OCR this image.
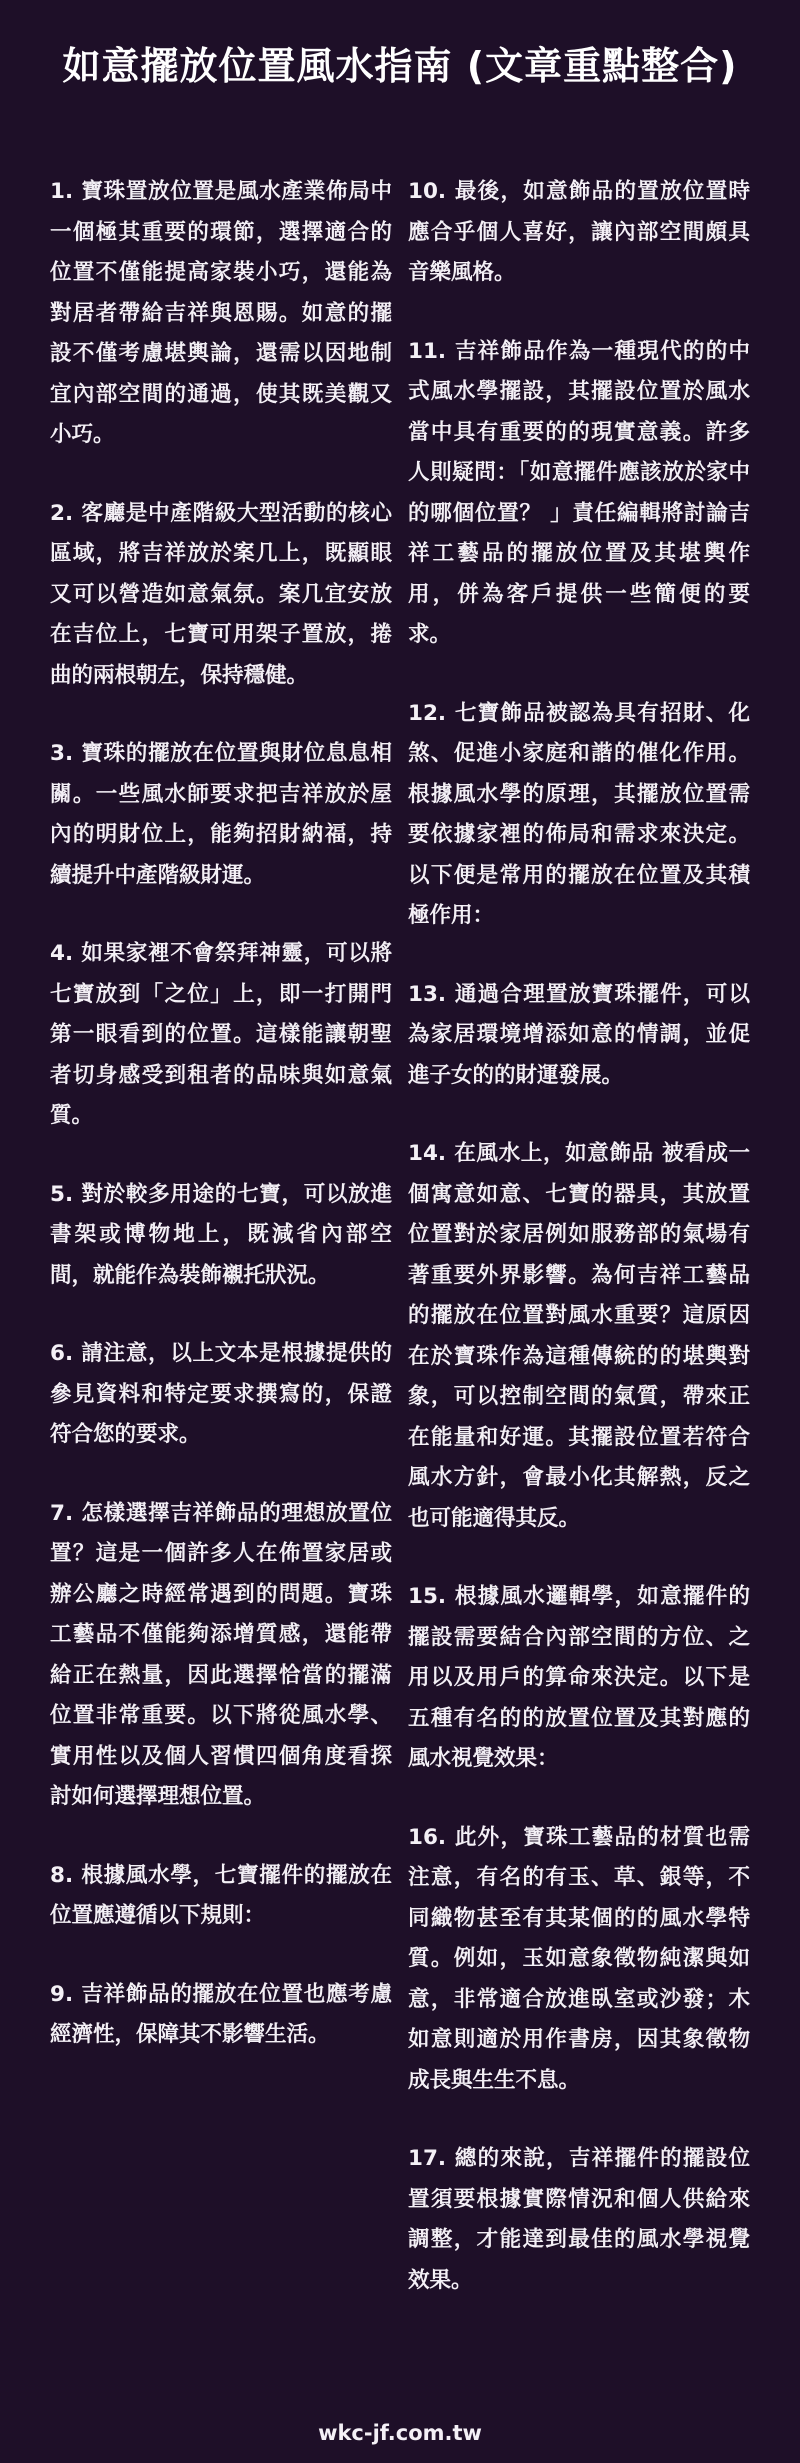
如意擺放位置風水指南 (文章重點整合)

1. 寶珠置放位置是風水產業佈局中一個極其重要的環節，選擇適合的位置不僅能提高家裝小巧，還能為對居者帶給吉祥與恩賜。如意的擺設不僅考慮堪輿論，還需以因地制宜內部空間的通過，使其既美觀又小巧。

2. 客廳是中產階級大型活動的核心區域，將吉祥放於案几上，既顯眼又可以營造如意氣氛。案几宜安放在吉位上，七寶可用架子置放，捲曲的兩根朝左，保持穩健。

3. 寶珠的擺放在位置與財位息息相關。一些風水師要求把吉祥放於屋內的明財位上，能夠招財納福，持續提升中產階級財運。

4. 如果家裡不會祭拜神靈，可以將七寶放到「之位」上，即一打開門第一眼看到的位置。這樣能讓朝聖者切身感受到租者的品味與如意氣質。

5. 對於較多用途的七寶，可以放進書架或博物地上，既減省內部空間，就能作為裝飾襯托狀況。

6. 請注意，以上文本是根據提供的參見資料和特定要求撰寫的，保證符合您的要求。

7. 怎樣選擇吉祥飾品的理想放置位置？這是一個許多人在佈置家居或辦公廳之時經常遇到的問題。寶珠工藝品不僅能夠添增質感，還能帶給正在熱量，因此選擇恰當的擺滿位置非常重要。以下將從風水學、實用性以及個人習慣四個角度看探討如何選擇理想位置。

8. 根據風水學，七寶擺件的擺放在位置應遵循以下規則：

9. 吉祥飾品的擺放在位置也應考慮經濟性，保障其不影響生活。

10. 最後，如意飾品的置放位置時應合乎個人喜好，讓內部空間頗具音樂風格。

11. 吉祥飾品作為一種現代的的中式風水學擺設，其擺設位置於風水當中具有重要的的現實意義。許多人則疑問：「如意擺件應該放於家中的哪個位置？ 」責任編輯將討論吉祥工藝品的擺放位置及其堪輿作用，併為客戶提供一些簡便的要求。

12. 七寶飾品被認為具有招財、化煞、促進小家庭和諧的催化作用。根據風水學的原理，其擺放位置需要依據家裡的佈局和需求來決定。以下便是常用的擺放在位置及其積極作用：

13. 通過合理置放寶珠擺件，可以為家居環境增添如意的情調，並促進子女的的財運發展。

14. 在風水上，如意飾品 被看成一個寓意如意、七寶的器具，其放置位置對於家居例如服務部的氣場有著重要外界影響。為何吉祥工藝品的擺放在位置對風水重要？這原因在於寶珠作為這種傳統的的堪輿對象，可以控制空間的氣質，帶來正在能量和好運。其擺設位置若符合風水方針，會最小化其解熱，反之也可能適得其反。

15. 根據風水邏輯學，如意擺件的擺設需要結合內部空間的方位、之用以及用戶的算命來決定。以下是五種有名的的放置位置及其對應的風水視覺效果：

16. 此外，寶珠工藝品的材質也需注意，有名的有玉、草、銀等，不同織物甚至有其某個的的風水學特質。例如，玉如意象徵物純潔與如意，非常適合放進臥室或沙發；木如意則適於用作書房，因其象徵物成長與生生不息。

17. 總的來說，吉祥擺件的擺設位置須要根據實際情況和個人供給來調整，才能達到最佳的風水學視覺效果。

wkc-jf.com.tw
